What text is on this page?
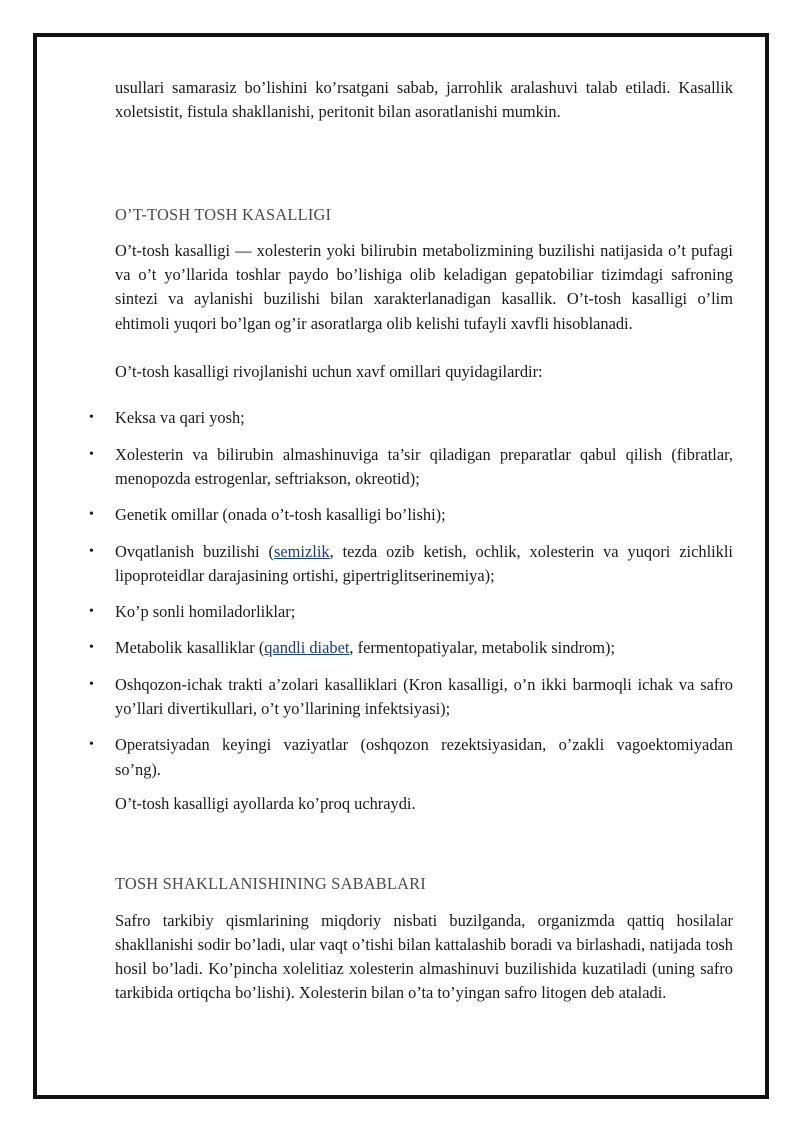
usullari samarasiz bo’lishini ko’rsatgani sabab, jarrohlik aralashuvi talab etiladi. Kasallik xoletsistit, fistula shakllanishi, peritonit bilan asoratlanishi mumkin.

O’T-TOSH TOSH KASALLIGI

O’t-tosh kasalligi — xolesterin yoki bilirubin metabolizmining buzilishi natijasida o’t pufagi va o’t yo’llarida toshlar paydo bo’lishiga olib keladigan gepatobiliar tizimdagi safroning sintezi va aylanishi buzilishi bilan xarakterlanadigan kasallik. O’t-tosh kasalligi o’lim ehtimoli yuqori bo’lgan og’ir asoratlarga olib kelishi tufayli xavfli hisoblanadi.

O’t-tosh kasalligi rivojlanishi uchun xavf omillari quyidagilardir:

• Keksa va qari yosh;
• Xolesterin va bilirubin almashinuviga ta’sir qiladigan preparatlar qabul qilish (fibratlar, menopozda estrogenlar, seftriakson, okreotid);
• Genetik omillar (onada o’t-tosh kasalligi bo’lishi);
• Ovqatlanish buzilishi (semizlik, tezda ozib ketish, ochlik, xolesterin va yuqori zichlikli lipoproteidlar darajasining ortishi, gipertriglitserinemiya);
• Ko’p sonli homiladorliklar;
• Metabolik kasalliklar (qandli diabet, fermentopatiyalar, metabolik sindrom);
• Oshqozon-ichak trakti a’zolari kasalliklari (Kron kasalligi, o’n ikki barmoqli ichak va safro yo’llari divertikullari, o’t yo’llarining infektsiyasi);
• Operatsiyadan keyingi vaziyatlar (oshqozon rezektsiyasidan, o’zakli vagoektomiyadan so’ng).

O’t-tosh kasalligi ayollarda ko’proq uchraydi.

TOSH SHAKLLANISHINING SABABLARI

Safro tarkibiy qismlarining miqdoriy nisbati buzilganda, organizmda qattiq hosilalar shakllanishi sodir bo’ladi, ular vaqt o’tishi bilan kattalashib boradi va birlashadi, natijada tosh hosil bo’ladi. Ko’pincha xolelitiaz xolesterin almashinuvi buzilishida kuzatiladi (uning safro tarkibida ortiqcha bo’lishi). Xolesterin bilan o’ta to’yingan safro litogen deb ataladi.
